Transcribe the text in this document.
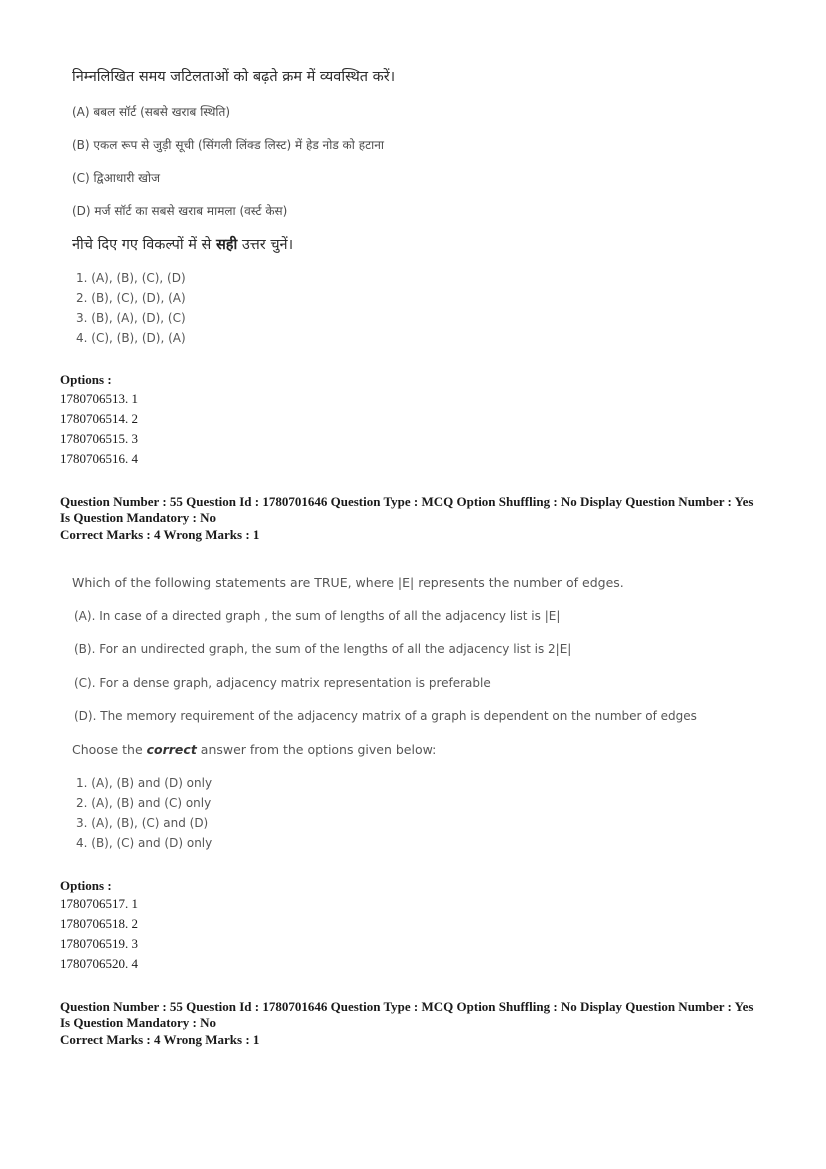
निम्नलिखित समय जटिलताओं को बढ़ते क्रम में व्यवस्थित करें।
(A) बबल सॉर्ट (सबसे खराब स्थिति)
(B) एकल रूप से जुड़ी सूची (सिंगली लिंक्ड लिस्ट) में हेड नोड को हटाना
(C) द्विआधारी खोज
(D) मर्ज सॉर्ट का सबसे खराब मामला (वर्स्ट केस)
नीचे दिए गए विकल्पों में से सही उत्तर चुनें।
1. (A), (B), (C), (D)
2. (B), (C), (D), (A)
3. (B), (A), (D), (C)
4. (C), (B), (D), (A)
Options :
1780706513. 1
1780706514. 2
1780706515. 3
1780706516. 4
Question Number : 55 Question Id : 1780701646 Question Type : MCQ Option Shuffling : No Display Question Number : Yes
Is Question Mandatory : No
Correct Marks : 4 Wrong Marks : 1
Which of the following statements are TRUE, where |E| represents the number of edges.
(A). In case of a directed graph , the sum of lengths of all the adjacency list is |E|
(B). For an undirected graph, the sum of the lengths of all the adjacency list is 2|E|
(C). For a dense graph, adjacency matrix representation is preferable
(D). The memory requirement of the adjacency matrix of a graph is dependent on the number of edges
Choose the correct answer from the options given below:
1. (A), (B) and (D) only
2. (A), (B) and (C) only
3. (A), (B), (C) and (D)
4. (B), (C) and (D) only
Options :
1780706517. 1
1780706518. 2
1780706519. 3
1780706520. 4
Question Number : 55 Question Id : 1780701646 Question Type : MCQ Option Shuffling : No Display Question Number : Yes
Is Question Mandatory : No
Correct Marks : 4 Wrong Marks : 1
